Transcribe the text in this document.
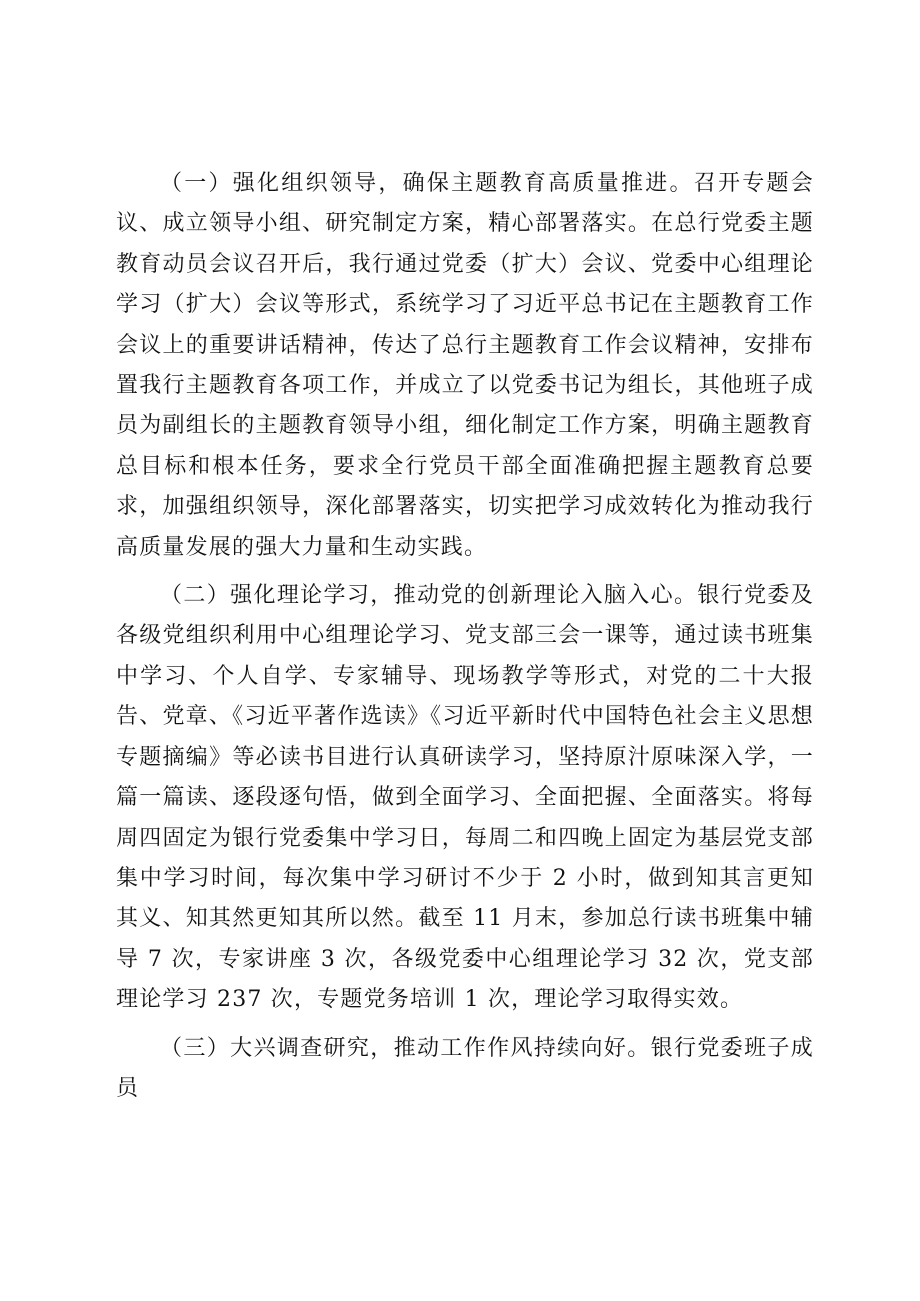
（一）强化组织领导，确保主题教育高质量推进。召开专题会议、成立领导小组、研究制定方案，精心部署落实。在总行党委主题教育动员会议召开后，我行通过党委（扩大）会议、党委中心组理论学习（扩大）会议等形式，系统学习了习近平总书记在主题教育工作会议上的重要讲话精神，传达了总行主题教育工作会议精神，安排布置我行主题教育各项工作，并成立了以党委书记为组长，其他班子成员为副组长的主题教育领导小组，细化制定工作方案，明确主题教育总目标和根本任务，要求全行党员干部全面准确把握主题教育总要求，加强组织领导，深化部署落实，切实把学习成效转化为推动我行高质量发展的强大力量和生动实践。

（二）强化理论学习，推动党的创新理论入脑入心。银行党委及各级党组织利用中心组理论学习、党支部三会一课等，通过读书班集中学习、个人自学、专家辅导、现场教学等形式，对党的二十大报告、党章、《习近平著作选读》《习近平新时代中国特色社会主义思想专题摘编》等必读书目进行认真研读学习，坚持原汁原味深入学，一篇一篇读、逐段逐句悟，做到全面学习、全面把握、全面落实。将每周四固定为银行党委集中学习日，每周二和四晚上固定为基层党支部集中学习时间，每次集中学习研讨不少于 2 小时，做到知其言更知其义、知其然更知其所以然。截至 11 月末，参加总行读书班集中辅导 7 次，专家讲座 3 次，各级党委中心组理论学习 32 次，党支部理论学习 237 次，专题党务培训 1 次，理论学习取得实效。

（三）大兴调查研究，推动工作作风持续向好。银行党委班子成员
